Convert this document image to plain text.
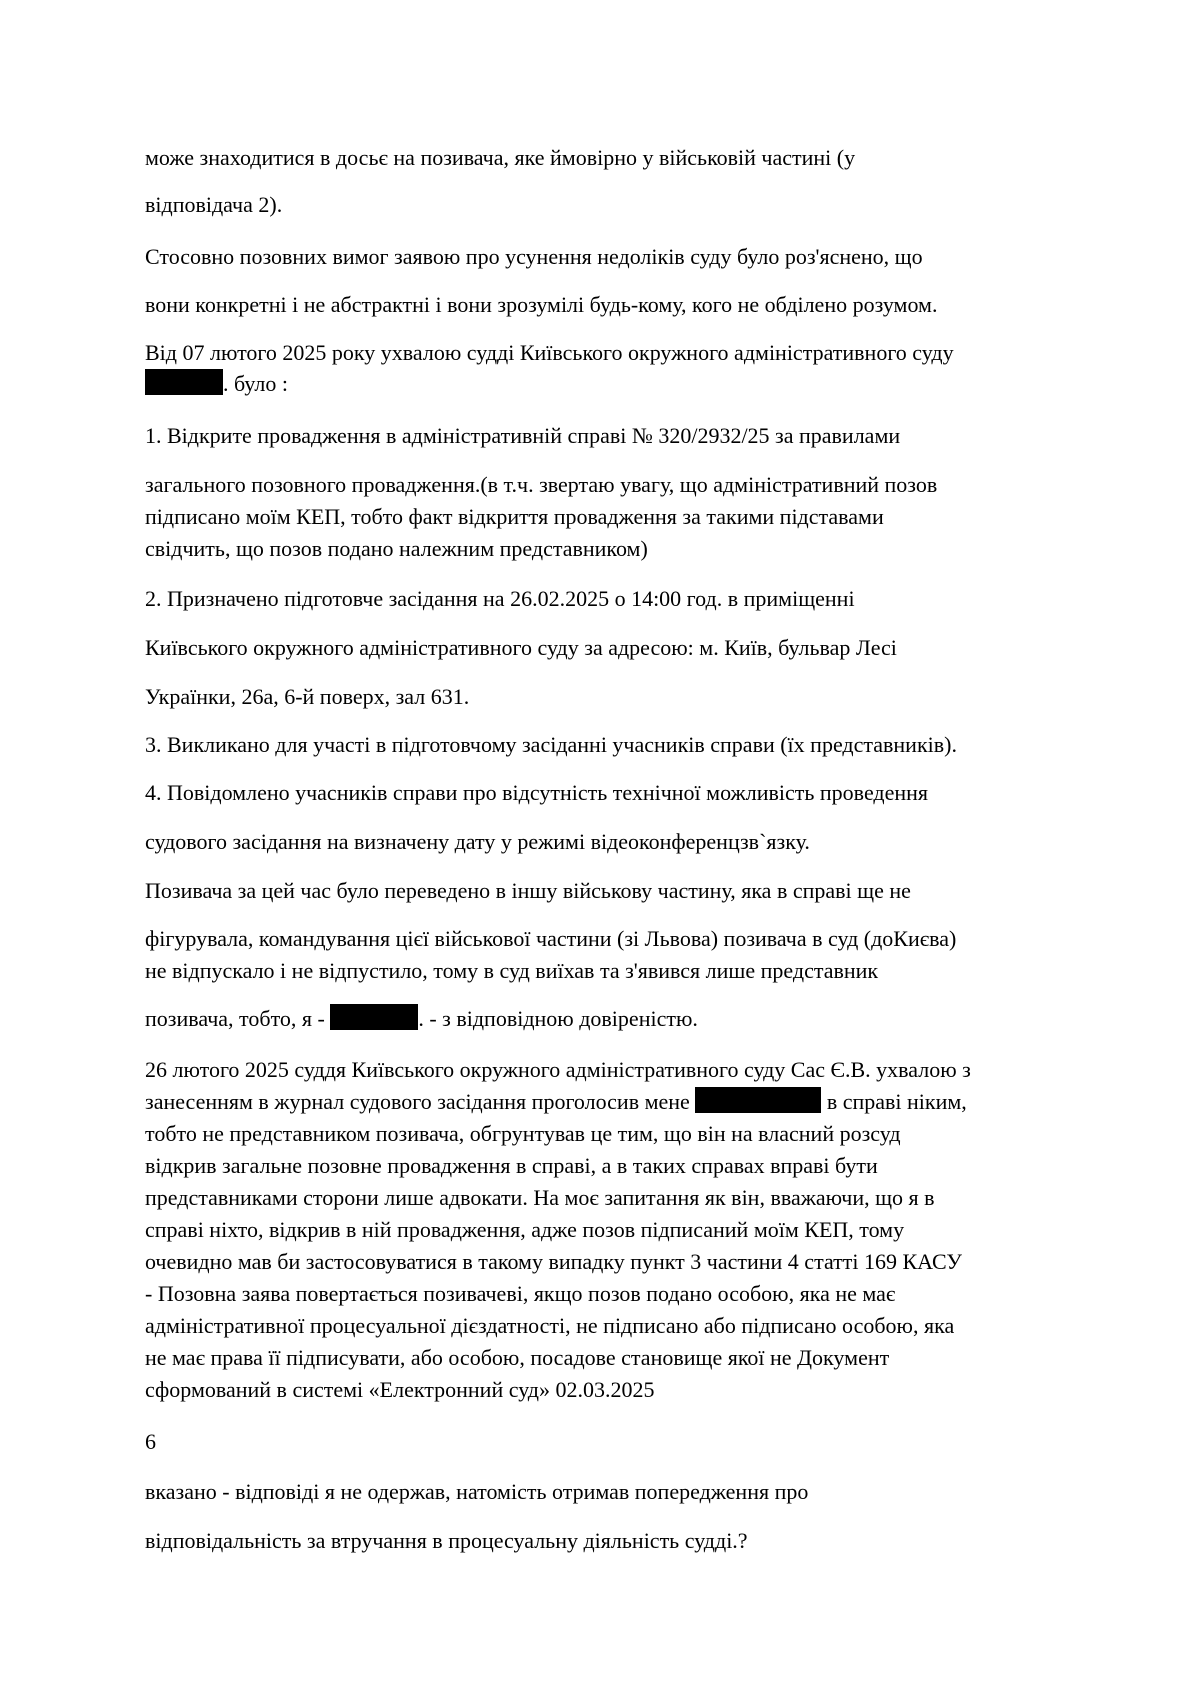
може знаходитися в досьє на позивача, яке ймовірно у військовій частині (у
відповідача 2).
Стосовно позовних вимог заявою про усунення недоліків суду було роз'яснено, що
вони конкретні і не абстрактні і вони зрозумілі будь-кому, кого не обділено розумом.
Від 07 лютого 2025 року ухвалою судді Київського окружного адміністративного суду
. було :
1. Відкрите провадження в адміністративній справі № 320/2932/25 за правилами
загального позовного провадження.(в т.ч. звертаю увагу, що адміністративний позов
підписано моїм КЕП, тобто факт відкриття провадження за такими підставами
свідчить, що позов подано належним представником)
2. Призначено підготовче засідання на 26.02.2025 о 14:00 год. в приміщенні
Київського окружного адміністративного суду за адресою: м. Київ, бульвар Лесі
Українки, 26а, 6-й поверх, зал 631.
3. Викликано для участі в підготовчому засіданні учасників справи (їх представників).
4. Повідомлено учасників справи про відсутність технічної можливість проведення
судового засідання на визначену дату у режимі відеоконференцзв`язку.
Позивача за цей час було переведено в іншу військову частину, яка в справі ще не
фігурувала, командування цієї військової частини (зі Львова) позивача в суд (доКиєва)
не відпускало і не відпустило, тому в суд виїхав та з'явився лише представник
позивача, тобто, я -	. - з відповідною довіреністю.
26 лютого 2025 суддя Київського окружного адміністративного суду Сас Є.В. ухвалою з
занесенням в журнал судового засідання проголосив мене	в справі ніким,
тобто не представником позивача, обгрунтував це тим, що він на власний розсуд
відкрив загальне позовне провадження в справі, а в таких справах вправі бути
представниками сторони лише адвокати. На моє запитання як він, вважаючи, що я в
справі ніхто, відкрив в ній провадження, адже позов підписаний моїм КЕП, тому
очевидно мав би застосовуватися в такому випадку пункт 3 частини 4 статті 169 КАСУ
- Позовна заява повертається позивачеві, якщо позов подано особою, яка не має
адміністративної процесуальної дієздатності, не підписано або підписано особою, яка
не має права її підписувати, або особою, посадове становище якої не Документ
сформований в системі «Електронний суд» 02.03.2025
6
вказано - відповіді я не одержав, натомість отримав попередження про
відповідальність за втручання в процесуальну діяльність судді.?
